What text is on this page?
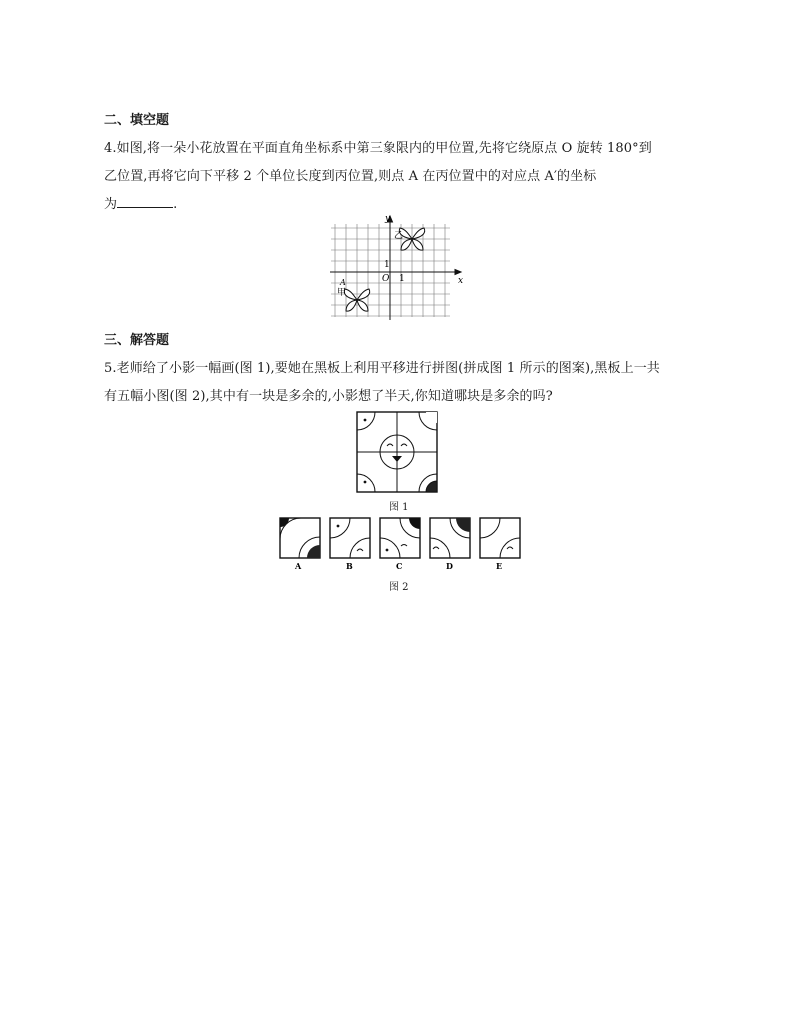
二、填空题
4.如图,将一朵小花放置在平面直角坐标系中第三象限内的甲位置,先将它绕原点 O 旋转 180°到
乙位置,再将它向下平移 2 个单位长度到丙位置,则点 A 在丙位置中的对应点 A′的坐标
为	.
y
x
O 1
1
乙
A
甲
三、解答题
5.老师给了小影一幅画(图 1),要她在黑板上利用平移进行拼图(拼成图 1 所示的图案),黑板上一共
有五幅小图(图 2),其中有一块是多余的,小影想了半天,你知道哪块是多余的吗?
图 1
A	B	C	D	E
图 2
